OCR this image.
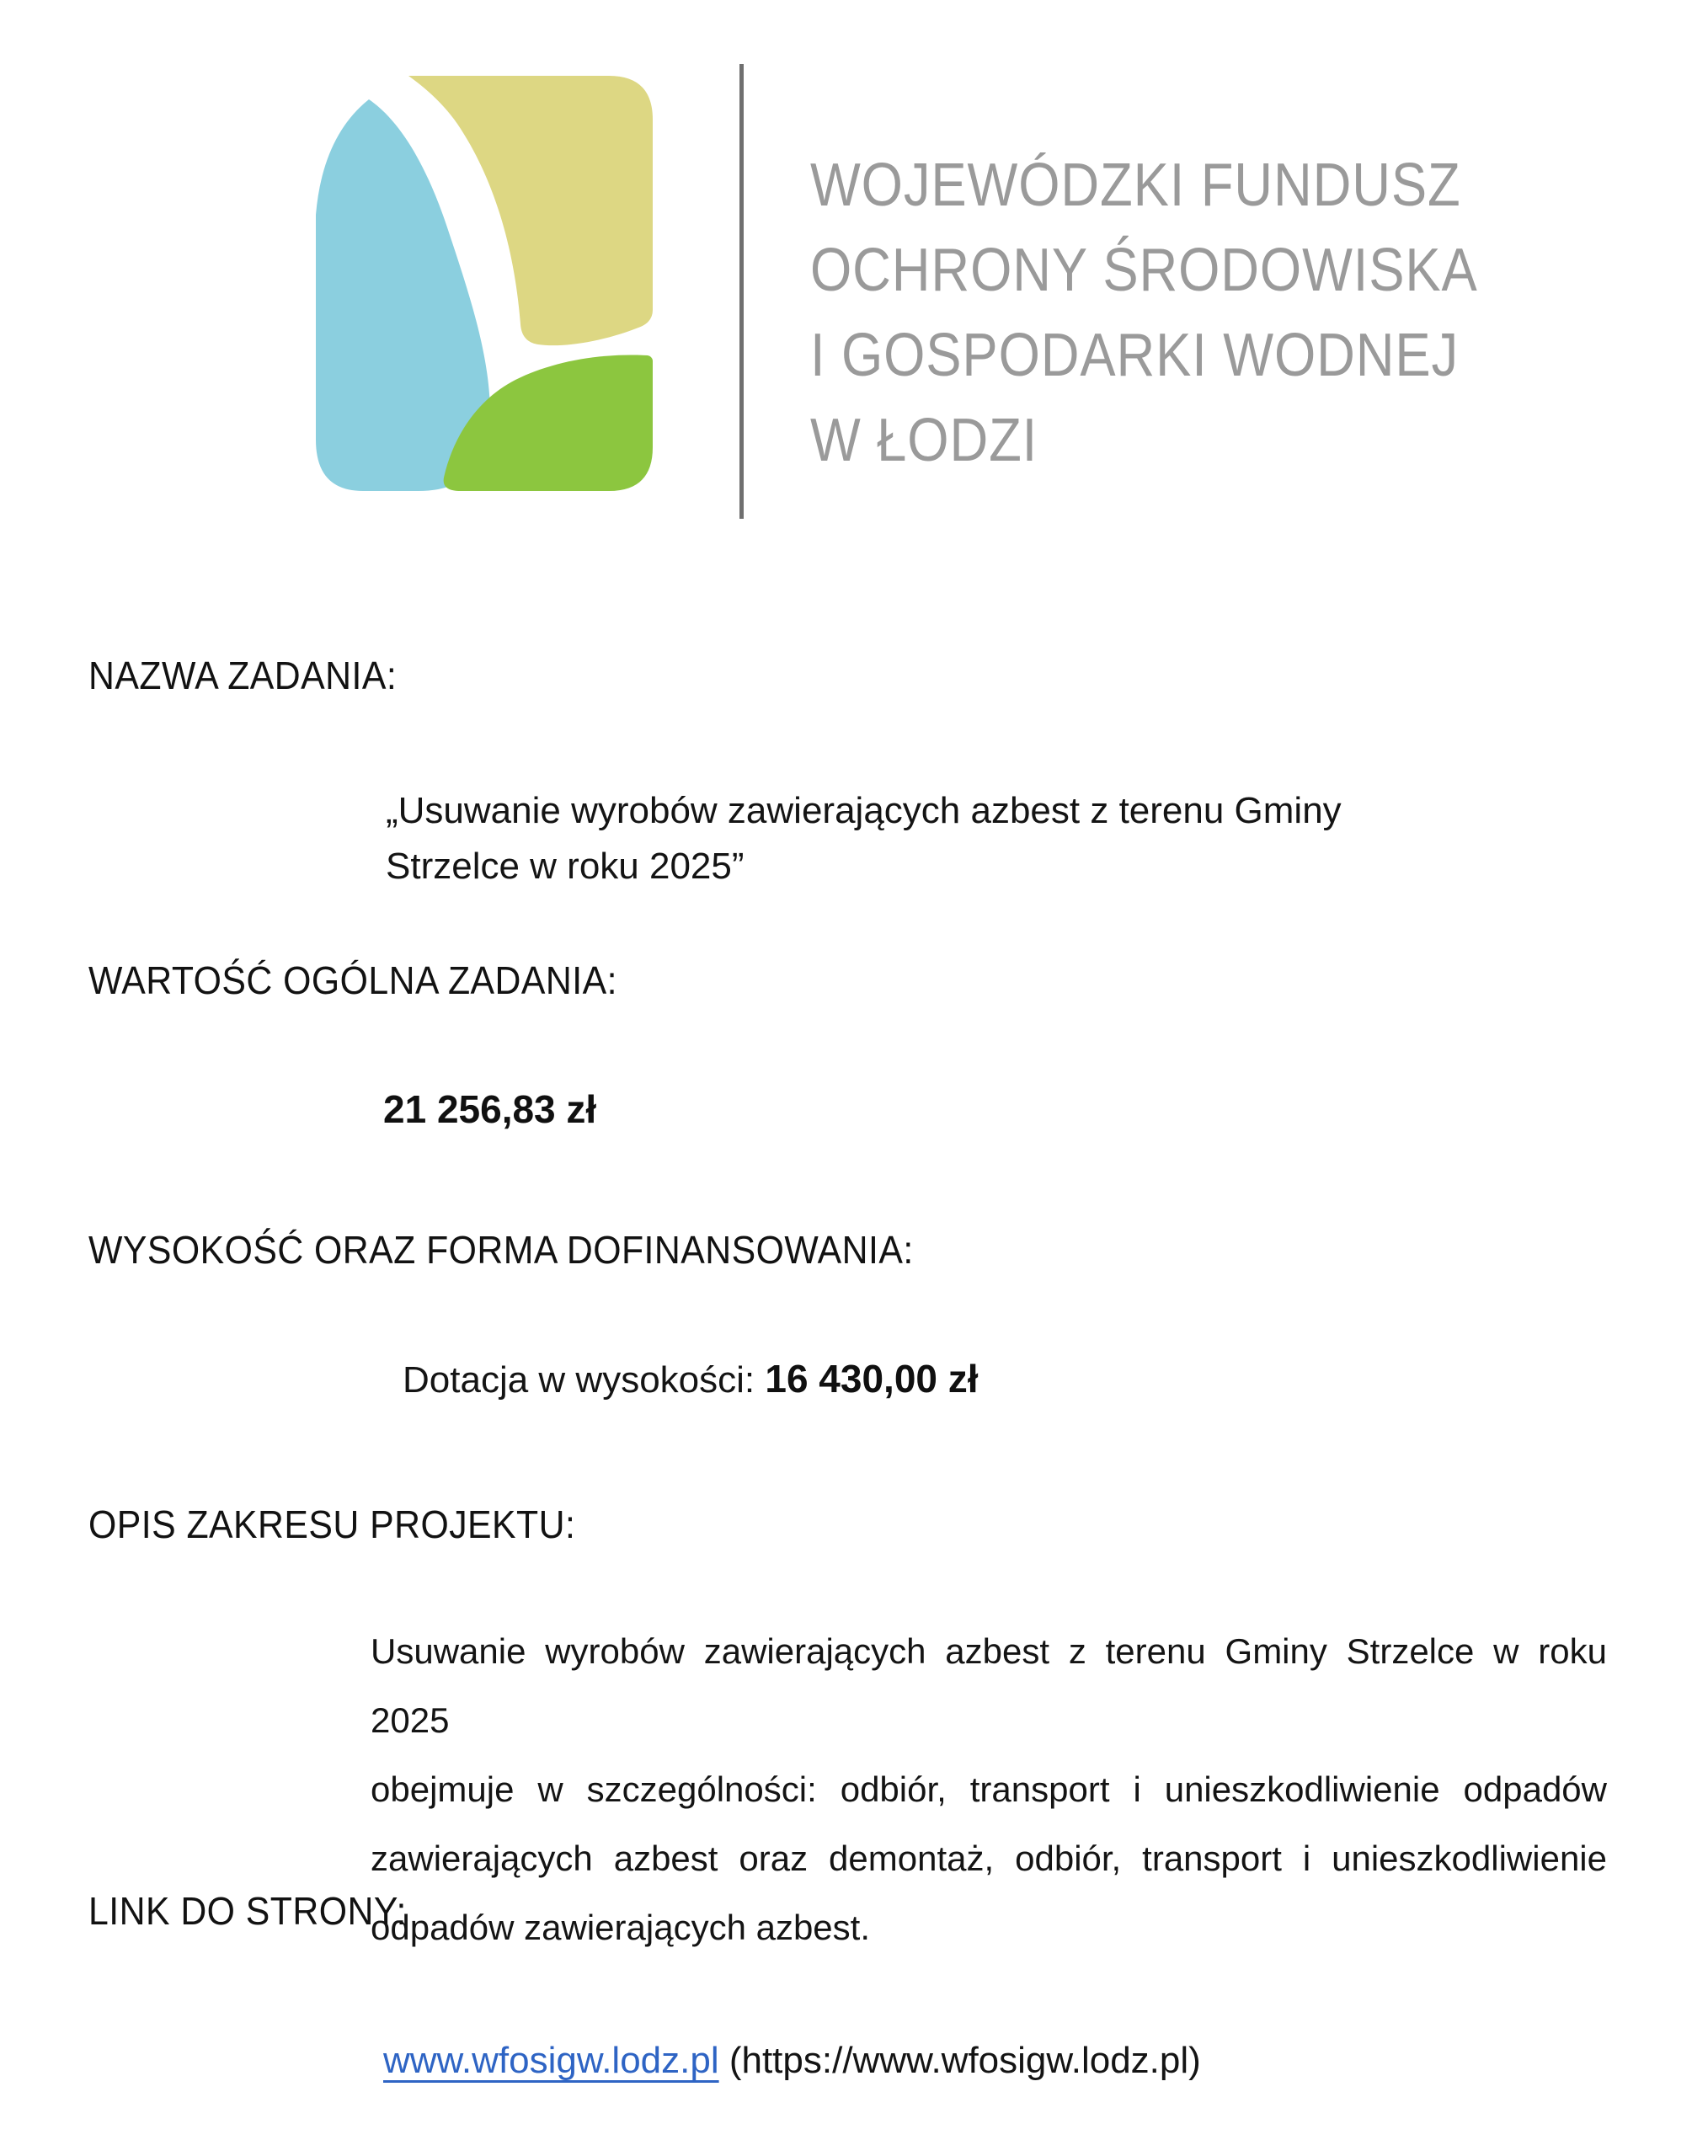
WOJEWÓDZKI FUNDUSZ
OCHRONY ŚRODOWISKA
I GOSPODARKI WODNEJ
W ŁODZI
NAZWA ZADANIA:
„Usuwanie wyrobów zawierających azbest z terenu Gminy
Strzelce w roku 2025”
WARTOŚĆ OGÓLNA ZADANIA:
21 256,83 zł
WYSOKOŚĆ ORAZ FORMA DOFINANSOWANIA:
Dotacja w wysokości: 16 430,00 zł
OPIS ZAKRESU PROJEKTU:
Usuwanie wyrobów zawierających azbest z terenu Gminy Strzelce w roku 2025
obejmuje w szczególności: odbiór, transport i unieszkodliwienie odpadów
zawierających azbest oraz demontaż, odbiór, transport i unieszkodliwienie
odpadów zawierających azbest.
LINK DO STRONY:
www.wfosigw.lodz.pl (https://www.wfosigw.lodz.pl)
